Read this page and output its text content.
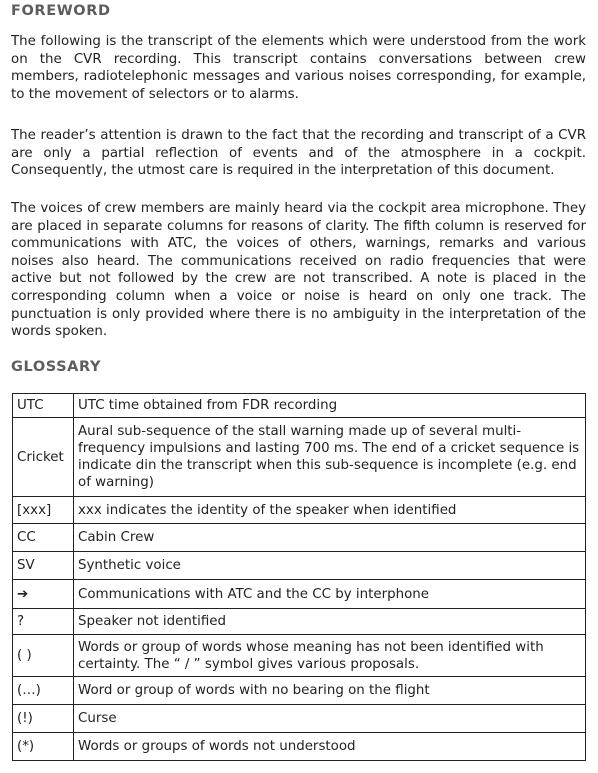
FOREWORD

The following is the transcript of the elements which were understood from the work on the CVR recording. This transcript contains conversations between crew members, radiotelephonic messages and various noises corresponding, for example, to the movement of selectors or to alarms.

The reader’s attention is drawn to the fact that the recording and transcript of a CVR are only a partial reflection of events and of the atmosphere in a cockpit. Consequently, the utmost care is required in the interpretation of this document.

The voices of crew members are mainly heard via the cockpit area microphone. They are placed in separate columns for reasons of clarity. The fifth column is reserved for communications with ATC, the voices of others, warnings, remarks and various noises also heard. The communications received on radio frequencies that were active but not followed by the crew are not transcribed. A note is placed in the corresponding column when a voice or noise is heard on only one track. The punctuation is only provided where there is no ambiguity in the interpretation of the words spoken.

GLOSSARY
UTC	UTC time obtained from FDR recording
Cricket	Aural sub-sequence of the stall warning made up of several multi-frequency impulsions and lasting 700 ms. The end of a cricket sequence is indicate din the transcript when this sub-sequence is incomplete (e.g. end of warning)
[xxx]	xxx indicates the identity of the speaker when identified
CC	Cabin Crew
SV	Synthetic voice
➔	Communications with ATC and the CC by interphone
?	Speaker not identified
( )	Words or group of words whose meaning has not been identified with certainty. The “ / ” symbol gives various proposals.
(…)	Word or group of words with no bearing on the flight
(!)	Curse
(*)	Words or groups of words not understood
